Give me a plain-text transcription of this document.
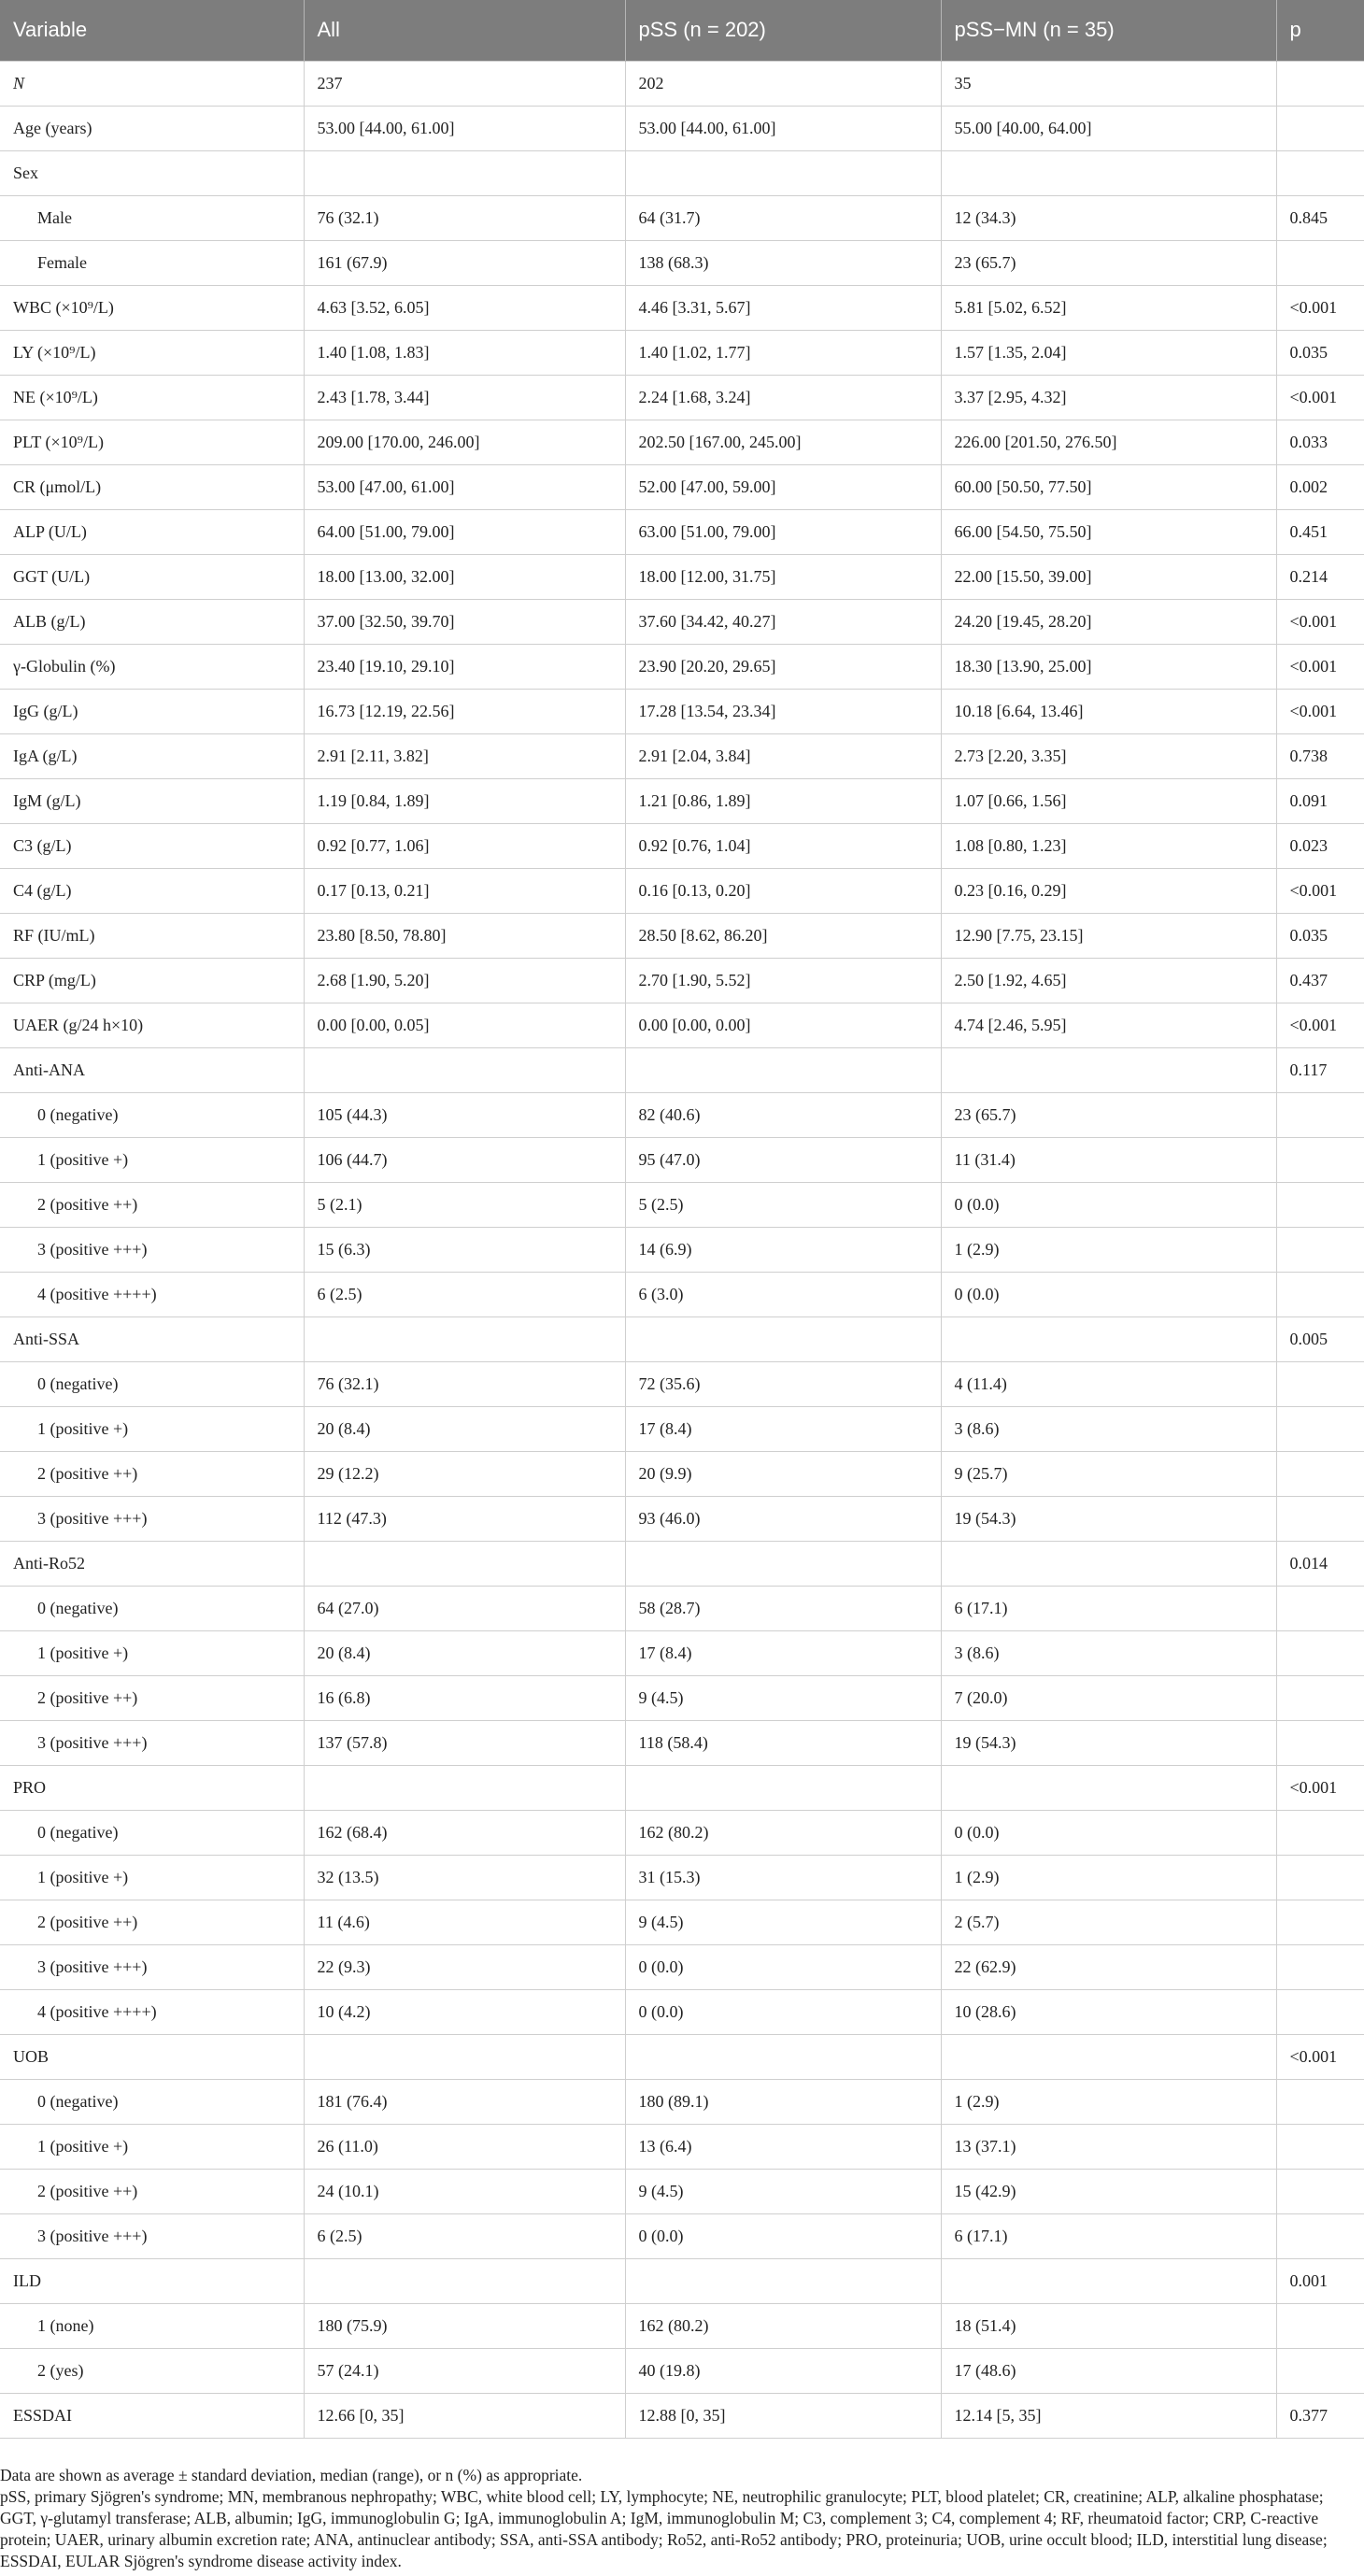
Variable	All	pSS (n = 202)	pSS−MN (n = 35)	p
N	237	202	35	
Age (years)	53.00 [44.00, 61.00]	53.00 [44.00, 61.00]	55.00 [40.00, 64.00]	
Sex				
Male	76 (32.1)	64 (31.7)	12 (34.3)	0.845
Female	161 (67.9)	138 (68.3)	23 (65.7)	
WBC (×10⁹/L)	4.63 [3.52, 6.05]	4.46 [3.31, 5.67]	5.81 [5.02, 6.52]	<0.001
LY (×10⁹/L)	1.40 [1.08, 1.83]	1.40 [1.02, 1.77]	1.57 [1.35, 2.04]	0.035
NE (×10⁹/L)	2.43 [1.78, 3.44]	2.24 [1.68, 3.24]	3.37 [2.95, 4.32]	<0.001
PLT (×10⁹/L)	209.00 [170.00, 246.00]	202.50 [167.00, 245.00]	226.00 [201.50, 276.50]	0.033
CR (μmol/L)	53.00 [47.00, 61.00]	52.00 [47.00, 59.00]	60.00 [50.50, 77.50]	0.002
ALP (U/L)	64.00 [51.00, 79.00]	63.00 [51.00, 79.00]	66.00 [54.50, 75.50]	0.451
GGT (U/L)	18.00 [13.00, 32.00]	18.00 [12.00, 31.75]	22.00 [15.50, 39.00]	0.214
ALB (g/L)	37.00 [32.50, 39.70]	37.60 [34.42, 40.27]	24.20 [19.45, 28.20]	<0.001
γ-Globulin (%)	23.40 [19.10, 29.10]	23.90 [20.20, 29.65]	18.30 [13.90, 25.00]	<0.001
IgG (g/L)	16.73 [12.19, 22.56]	17.28 [13.54, 23.34]	10.18 [6.64, 13.46]	<0.001
IgA (g/L)	2.91 [2.11, 3.82]	2.91 [2.04, 3.84]	2.73 [2.20, 3.35]	0.738
IgM (g/L)	1.19 [0.84, 1.89]	1.21 [0.86, 1.89]	1.07 [0.66, 1.56]	0.091
C3 (g/L)	0.92 [0.77, 1.06]	0.92 [0.76, 1.04]	1.08 [0.80, 1.23]	0.023
C4 (g/L)	0.17 [0.13, 0.21]	0.16 [0.13, 0.20]	0.23 [0.16, 0.29]	<0.001
RF (IU/mL)	23.80 [8.50, 78.80]	28.50 [8.62, 86.20]	12.90 [7.75, 23.15]	0.035
CRP (mg/L)	2.68 [1.90, 5.20]	2.70 [1.90, 5.52]	2.50 [1.92, 4.65]	0.437
UAER (g/24 h×10)	0.00 [0.00, 0.05]	0.00 [0.00, 0.00]	4.74 [2.46, 5.95]	<0.001
Anti-ANA				0.117
0 (negative)	105 (44.3)	82 (40.6)	23 (65.7)	
1 (positive +)	106 (44.7)	95 (47.0)	11 (31.4)	
2 (positive ++)	5 (2.1)	5 (2.5)	0 (0.0)	
3 (positive +++)	15 (6.3)	14 (6.9)	1 (2.9)	
4 (positive ++++)	6 (2.5)	6 (3.0)	0 (0.0)	
Anti-SSA				0.005
0 (negative)	76 (32.1)	72 (35.6)	4 (11.4)	
1 (positive +)	20 (8.4)	17 (8.4)	3 (8.6)	
2 (positive ++)	29 (12.2)	20 (9.9)	9 (25.7)	
3 (positive +++)	112 (47.3)	93 (46.0)	19 (54.3)	
Anti-Ro52				0.014
0 (negative)	64 (27.0)	58 (28.7)	6 (17.1)	
1 (positive +)	20 (8.4)	17 (8.4)	3 (8.6)	
2 (positive ++)	16 (6.8)	9 (4.5)	7 (20.0)	
3 (positive +++)	137 (57.8)	118 (58.4)	19 (54.3)	
PRO				<0.001
0 (negative)	162 (68.4)	162 (80.2)	0 (0.0)	
1 (positive +)	32 (13.5)	31 (15.3)	1 (2.9)	
2 (positive ++)	11 (4.6)	9 (4.5)	2 (5.7)	
3 (positive +++)	22 (9.3)	0 (0.0)	22 (62.9)	
4 (positive ++++)	10 (4.2)	0 (0.0)	10 (28.6)	
UOB				<0.001
0 (negative)	181 (76.4)	180 (89.1)	1 (2.9)	
1 (positive +)	26 (11.0)	13 (6.4)	13 (37.1)	
2 (positive ++)	24 (10.1)	9 (4.5)	15 (42.9)	
3 (positive +++)	6 (2.5)	0 (0.0)	6 (17.1)	
ILD				0.001
1 (none)	180 (75.9)	162 (80.2)	18 (51.4)	
2 (yes)	57 (24.1)	40 (19.8)	17 (48.6)	
ESSDAI	12.66 [0, 35]	12.88 [0, 35]	12.14 [5, 35]	0.377

Data are shown as average ± standard deviation, median (range), or n (%) as appropriate.

pSS, primary Sjögren's syndrome; MN, membranous nephropathy; WBC, white blood cell; LY, lymphocyte; NE, neutrophilic granulocyte; PLT, blood platelet; CR, creatinine; ALP, alkaline phosphatase; GGT, γ-glutamyl transferase; ALB, albumin; IgG, immunoglobulin G; IgA, immunoglobulin A; IgM, immunoglobulin M; C3, complement 3; C4, complement 4; RF, rheumatoid factor; CRP, C-reactive protein; UAER, urinary albumin excretion rate; ANA, antinuclear antibody; SSA, anti-SSA antibody; Ro52, anti-Ro52 antibody; PRO, proteinuria; UOB, urine occult blood; ILD, interstitial lung disease; ESSDAI, EULAR Sjögren's syndrome disease activity index.
